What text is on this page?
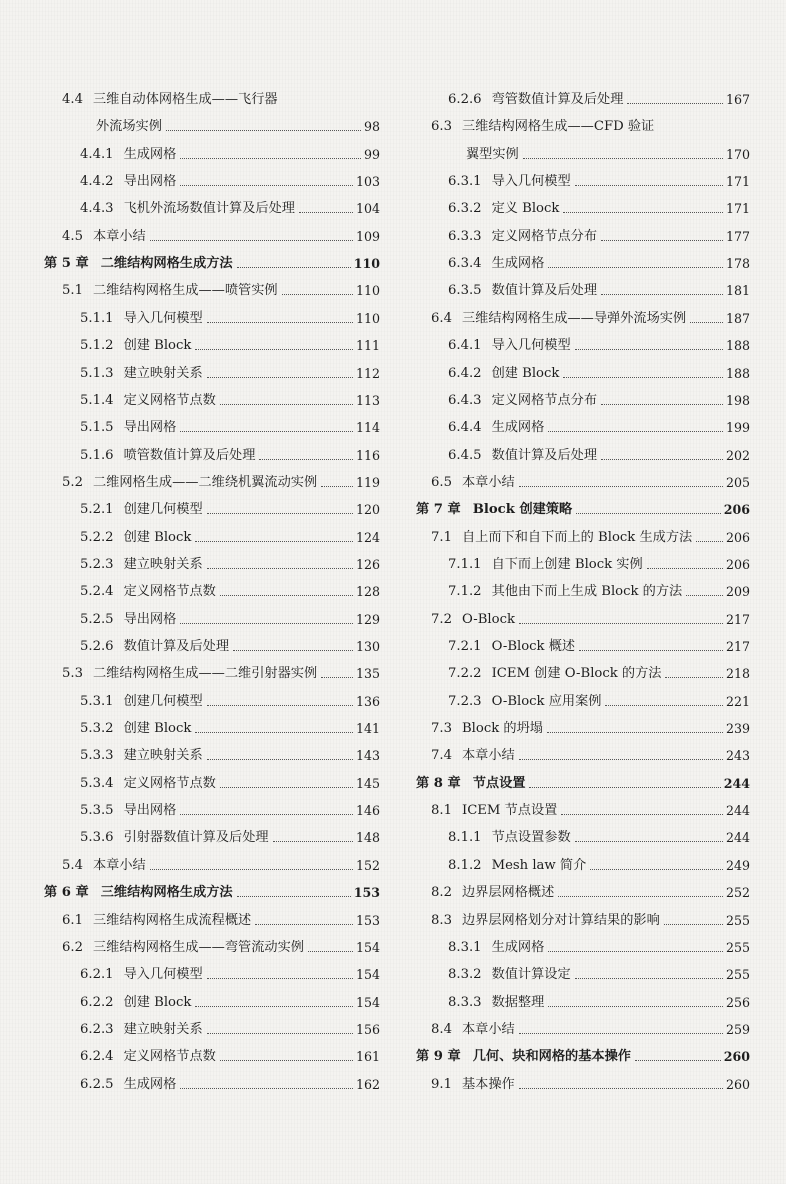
4.4 三维自动体网格生成——飞行器
外流场实例	98
4.4.1 生成网格	99
4.4.2 导出网格	103
4.4.3 飞机外流场数值计算及后处理	104
4.5 本章小结	109
第 5 章 二维结构网格生成方法	110
5.1 二维结构网格生成——喷管实例	110
5.1.1 导入几何模型	110
5.1.2 创建 Block	111
5.1.3 建立映射关系	112
5.1.4 定义网格节点数	113
5.1.5 导出网格	114
5.1.6 喷管数值计算及后处理	116
5.2 二维网格生成——二维绕机翼流动实例	119
5.2.1 创建几何模型	120
5.2.2 创建 Block	124
5.2.3 建立映射关系	126
5.2.4 定义网格节点数	128
5.2.5 导出网格	129
5.2.6 数值计算及后处理	130
5.3 二维结构网格生成——二维引射器实例	135
5.3.1 创建几何模型	136
5.3.2 创建 Block	141
5.3.3 建立映射关系	143
5.3.4 定义网格节点数	145
5.3.5 导出网格	146
5.3.6 引射器数值计算及后处理	148
5.4 本章小结	152
第 6 章 三维结构网格生成方法	153
6.1 三维结构网格生成流程概述	153
6.2 三维结构网格生成——弯管流动实例	154
6.2.1 导入几何模型	154
6.2.2 创建 Block	154
6.2.3 建立映射关系	156
6.2.4 定义网格节点数	161
6.2.5 生成网格	162
6.2.6 弯管数值计算及后处理	167
6.3 三维结构网格生成——CFD 验证
翼型实例	170
6.3.1 导入几何模型	171
6.3.2 定义 Block	171
6.3.3 定义网格节点分布	177
6.3.4 生成网格	178
6.3.5 数值计算及后处理	181
6.4 三维结构网格生成——导弹外流场实例	187
6.4.1 导入几何模型	188
6.4.2 创建 Block	188
6.4.3 定义网格节点分布	198
6.4.4 生成网格	199
6.4.5 数值计算及后处理	202
6.5 本章小结	205
第 7 章 Block 创建策略	206
7.1 自上而下和自下而上的 Block 生成方法	206
7.1.1 自下而上创建 Block 实例	206
7.1.2 其他由下而上生成 Block 的方法	209
7.2 O-Block	217
7.2.1 O-Block 概述	217
7.2.2 ICEM 创建 O-Block 的方法	218
7.2.3 O-Block 应用案例	221
7.3 Block 的坍塌	239
7.4 本章小结	243
第 8 章 节点设置	244
8.1 ICEM 节点设置	244
8.1.1 节点设置参数	244
8.1.2 Mesh law 简介	249
8.2 边界层网格概述	252
8.3 边界层网格划分对计算结果的影响	255
8.3.1 生成网格	255
8.3.2 数值计算设定	255
8.3.3 数据整理	256
8.4 本章小结	259
第 9 章 几何、块和网格的基本操作	260
9.1 基本操作	260
